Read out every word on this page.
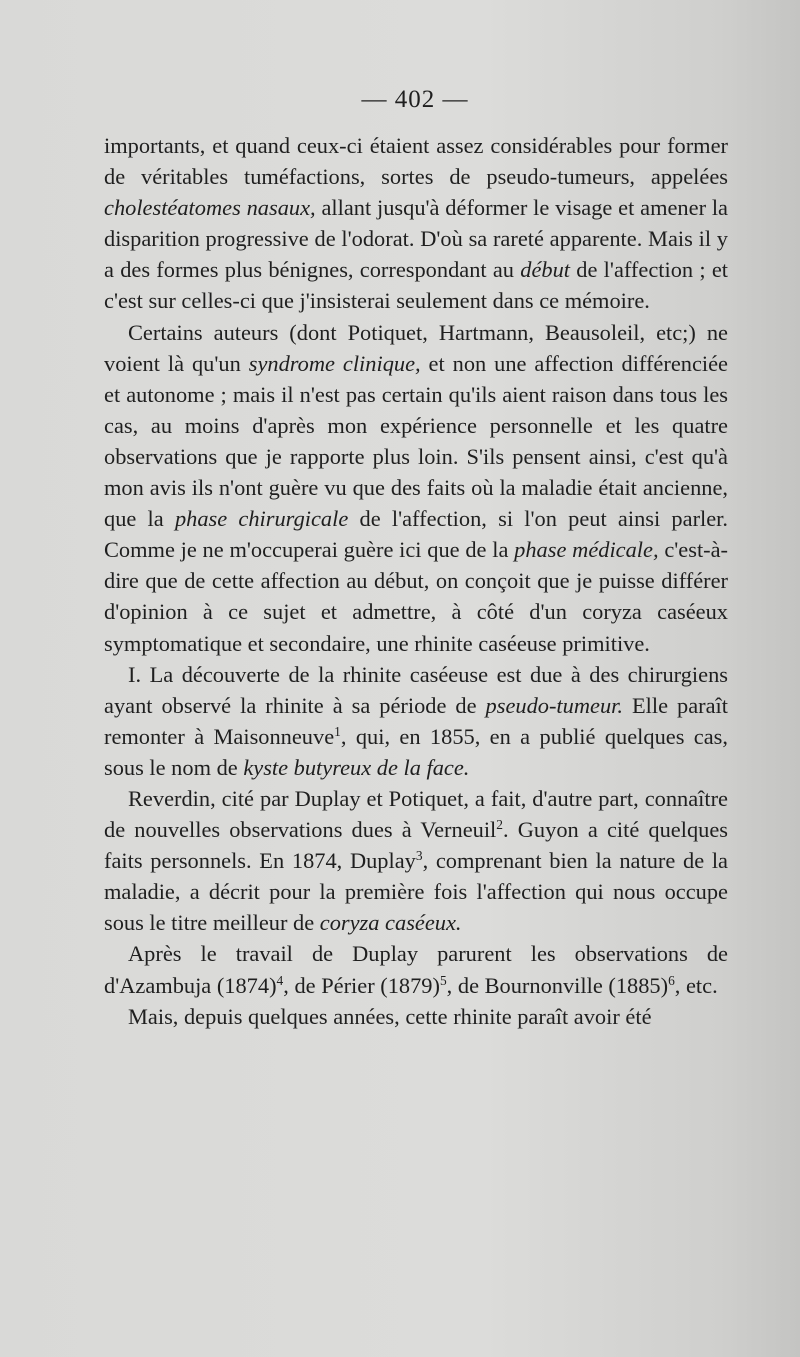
— 402 —

importants, et quand ceux-ci étaient assez considérables pour former de véritables tuméfactions, sortes de pseudo-tumeurs, appelées cholestéatomes nasaux, allant jusqu'à déformer le visage et amener la disparition progressive de l'odorat. D'où sa rareté apparente. Mais il y a des formes plus bénignes, correspondant au début de l'affection ; et c'est sur celles-ci que j'insisterai seulement dans ce mémoire.

Certains auteurs (dont Potiquet, Hartmann, Beausoleil, etc;) ne voient là qu'un syndrome clinique, et non une affection différenciée et autonome ; mais il n'est pas certain qu'ils aient raison dans tous les cas, au moins d'après mon expérience personnelle et les quatre observations que je rapporte plus loin. S'ils pensent ainsi, c'est qu'à mon avis ils n'ont guère vu que des faits où la maladie était ancienne, que la phase chirurgicale de l'affection, si l'on peut ainsi parler. Comme je ne m'occuperai guère ici que de la phase médicale, c'est-à-dire que de cette affection au début, on conçoit que je puisse différer d'opinion à ce sujet et admettre, à côté d'un coryza caséeux symptomatique et secondaire, une rhinite caséeuse primitive.

I. La découverte de la rhinite caséeuse est due à des chirurgiens ayant observé la rhinite à sa période de pseudo-tumeur. Elle paraît remonter à Maisonneuve$^1$, qui, en 1855, en a publié quelques cas, sous le nom de kyste butyreux de la face.

Reverdin, cité par Duplay et Potiquet, a fait, d'autre part, connaître de nouvelles observations dues à Verneuil$^2$. Guyon a cité quelques faits personnels. En 1874, Duplay$^3$, comprenant bien la nature de la maladie, a décrit pour la première fois l'affection qui nous occupe sous le titre meilleur de coryza caséeux.

Après le travail de Duplay parurent les observations de d'Azambuja $(1874)^4$, de Périer $(1879)^5$, de Bournonville $(1885)^6$, etc.

Mais, depuis quelques années, cette rhinite paraît avoir été
